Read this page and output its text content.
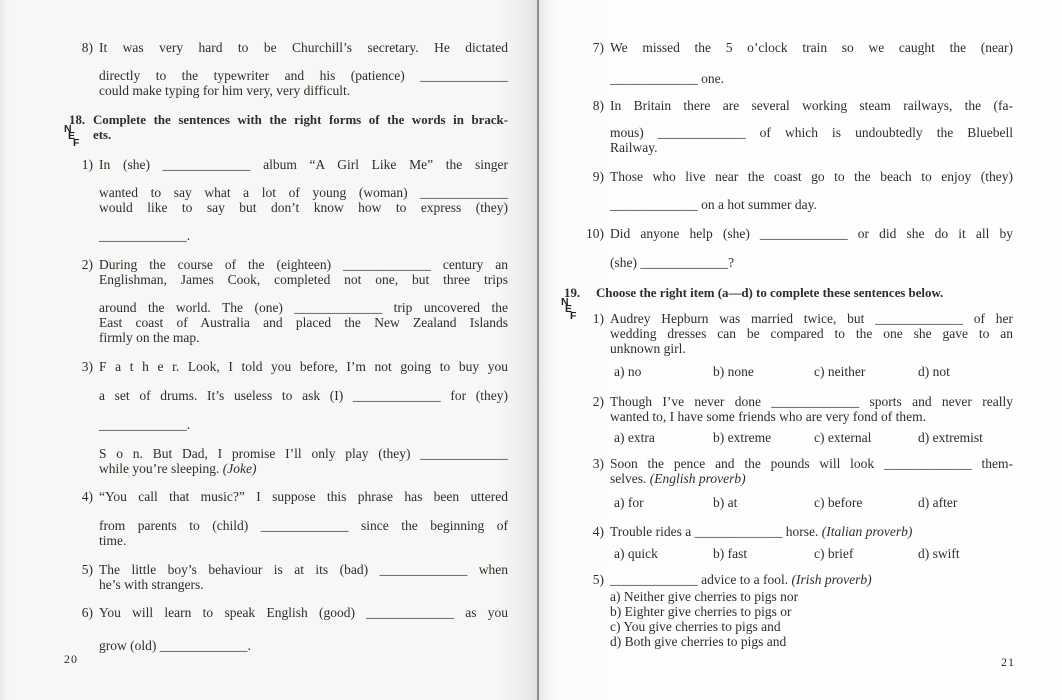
8) It was very hard to be Churchill’s secretary. He dictated
directly to the typewriter and his (patience) _____________
could make typing for him very, very difficult.
18. Complete the sentences with the right forms of the words in brack-
ets.
1) In (she) _____________ album “A Girl Like Me” the singer
wanted to say what a lot of young (woman) _____________
would like to say but don’t know how to express (they)
_____________.
2) During the course of the (eighteen) _____________ century an
Englishman, James Cook, completed not one, but three trips
around the world. The (one) _____________ trip uncovered the
East coast of Australia and placed the New Zealand Islands
firmly on the map.
3) F a t h e r. Look, I told you before, I’m not going to buy you
a set of drums. It’s useless to ask (I) _____________ for (they)
_____________.
S o n. But Dad, I promise I’ll only play (they) _____________
while you’re sleeping. (Joke)
4) “You call that music?” I suppose this phrase has been uttered
from parents to (child) _____________ since the beginning of
time.
5) The little boy’s behaviour is at its (bad) _____________ when
he’s with strangers.
6) You will learn to speak English (good) _____________ as you
grow (old) _____________.
N
E
F
20
7) We missed the 5 o’clock train so we caught the (near)
_____________ one.
8) In Britain there are several working steam railways, the (fa-
mous) _____________ of which is undoubtedly the Bluebell
Railway.
9) Those who live near the coast go to the beach to enjoy (they)
_____________ on a hot summer day.
10) Did anyone help (she) _____________ or did she do it all by
(she) _____________?
19. Choose the right item (a—d) to complete these sentences below.
1) Audrey Hepburn was married twice, but _____________ of her
wedding dresses can be compared to the one she gave to an
unknown girl.
a) no	b) none	c) neither	d) not
2) Though I’ve never done _____________ sports and never really
wanted to, I have some friends who are very fond of them.
a) extra	b) extreme	c) external	d) extremist
3) Soon the pence and the pounds will look _____________ them-
selves. (English proverb)
a) for	b) at	c) before	d) after
4) Trouble rides a _____________ horse. (Italian proverb)
a) quick	b) fast	c) brief	d) swift
5) _____________ advice to a fool. (Irish proverb)
a) Neither give cherries to pigs nor
b) Eighter give cherries to pigs or
c) You give cherries to pigs and
d) Both give cherries to pigs and
N
E
F
21
